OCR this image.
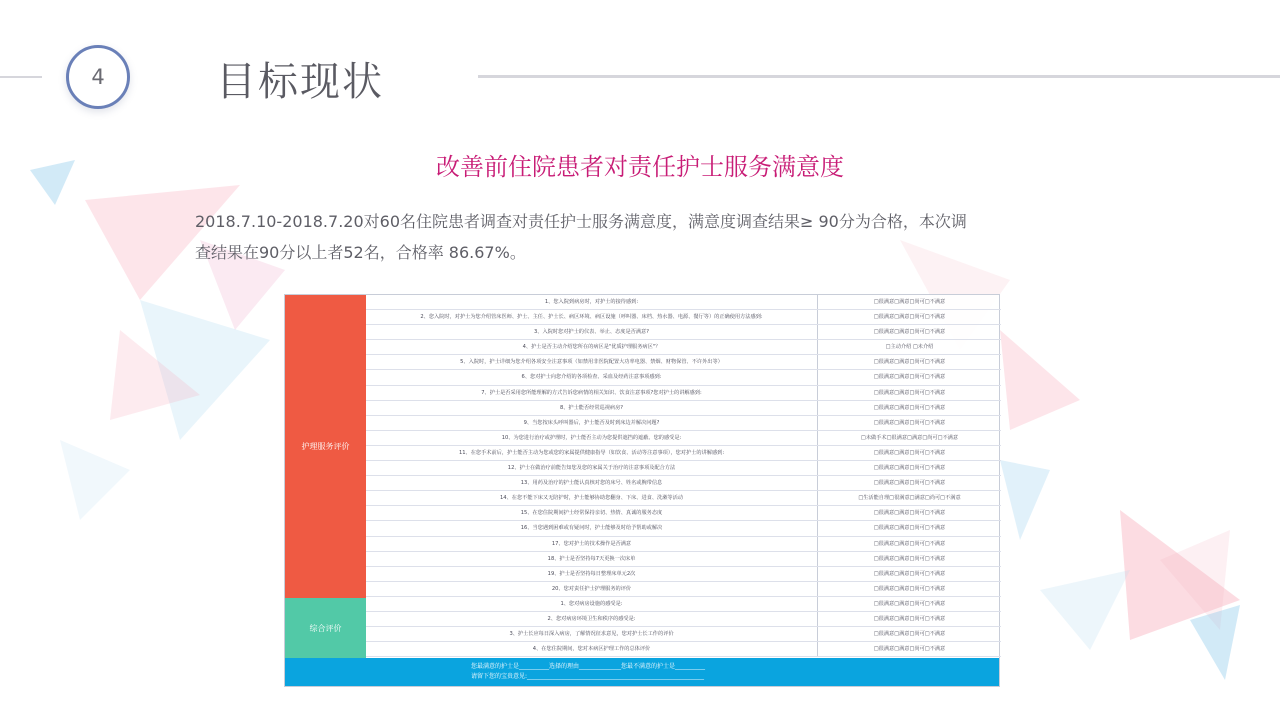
4	目标现状
改善前住院患者对责任护士服务满意度
2018.7.10-2018.7.20对60名住院患者调查对责任护士服务满意度，满意度调查结果≥ 90分为合格，本次调
查结果在90分以上者52名，合格率 86.67%。
护理服务评价
综合评价
1、您入院到病房时，对护士的接待感到:	□很满意□满意□尚可□不满意
2、您入院时，对护士为您介绍管床医师、护士、主任、护士长、病区环境、病区设施（呼叫器、床档、热水器、电源、餐厅等）的正确使用方法感到:	□很满意□满意□尚可□不满意
3、入院时您对护士的仪表、举止、态度是否满意?	□很满意□满意□尚可□不满意
4、护士是否主动介绍您所在的病区是"优质护理服务病区"？	□主动介绍 □未介绍
5、入院时，护士详细为您介绍各项安全注意事项（如禁用非医院配置大功率电器、禁烟、财物保管、不许外出等）	□很满意□满意□尚可□不满意
6、您对护士向您介绍的各项检查、采血及经药注意事项感到:	□很满意□满意□尚可□不满意
7、护士是否采用您所能理解的方式告诉您病情的相关知识、饮食注意事项?您对护士的讲解感到:	□很满意□满意□尚可□不满意
8、护士能否经常巡视病房?	□很满意□满意□尚可□不满意
9、当您按床头呼叫器后，护士能否及时到床边并解决问题?	□很满意□满意□尚可□不满意
10、为您进行治疗或护理时，护士能否主动为您提供遮挡的遮蔽、您的感受是:	□未做手术□很满意□满意□尚可□不满意
11、在您手术前后，护士能否主动为您或您的家属提供健康指导（如饮食、活动等注意事项），您对护士的讲解感到:	□很满意□满意□尚可□不满意
12、护士在做治疗前能告知您及您的家属关于治疗的注意事项及配合方法	□很满意□满意□尚可□不满意
13、用药及治疗的护士能认真核对您的床号、姓名或腕带信息	□很满意□满意□尚可□不满意
14、在您不能下床又无陪护时，护士能够协助您翻身、下床、进食、洗漱等活动	□生活能自理□很满意□满意□尚可□不满意
15、在您住院期间护士经常保持亲切、热情、真诚的服务态度	□很满意□满意□尚可□不满意
16、当您遇到困难或有疑问时，护士能够及时给予帮助或解决	□很满意□满意□尚可□不满意
17、您对护士的技术操作是否满意	□很满意□满意□尚可□不满意
18、护士是否坚持每7天更换一次床单	□很满意□满意□尚可□不满意
19、护士是否坚持每日整理床单元2次	□很满意□满意□尚可□不满意
20、您对责任护士护理服务的评价	□很满意□满意□尚可□不满意
1、您对病房设施的感受是:	□很满意□满意□尚可□不满意
2、您对病房环境卫生和秩序的感受是:	□很满意□满意□尚可□不满意
3、护士长应每日深入病房，了解情况征求意见，您对护士长工作的评价	□很满意□满意□尚可□不满意
4、在您住院期间，您对本病区护理工作的总体评价	□很满意□满意□尚可□不满意
您最满意的护士是__________选择的理由______________您最不满意的护士是__________
请留下您的宝贵意见:___________________________________________________________
